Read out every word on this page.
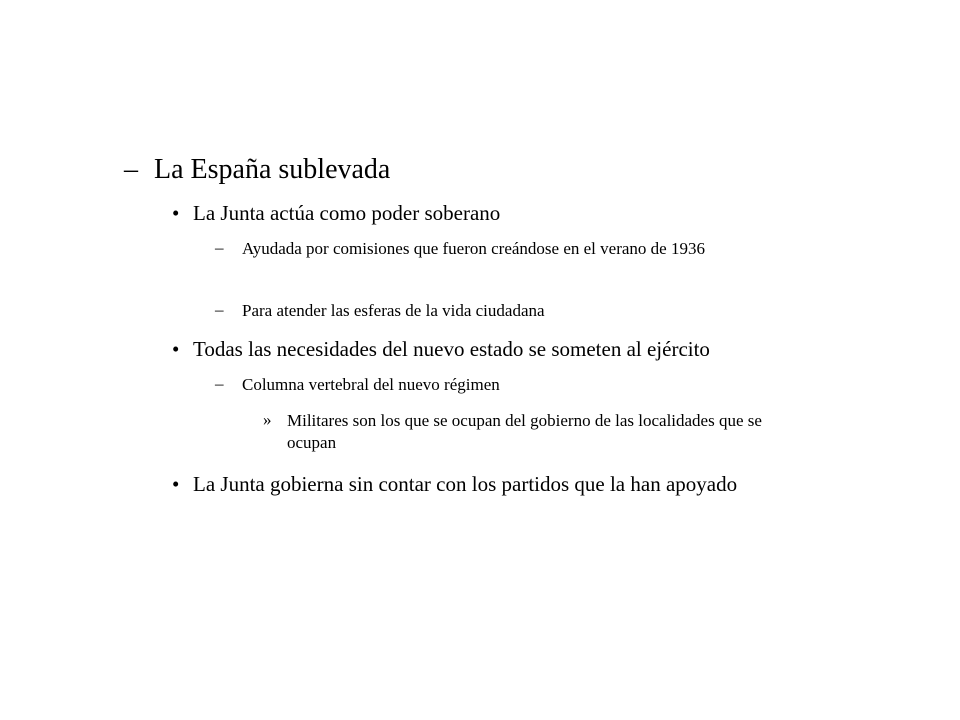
– La España sublevada
• La Junta actúa como poder soberano
–	Ayudada por comisiones que fueron creándose en el verano de 1936
–	Para atender las esferas de la vida ciudadana
• Todas las necesidades del nuevo estado se someten al ejército
–	Columna vertebral del nuevo régimen
» Militares son los que se ocupan del gobierno de las localidades que se ocupan
• La Junta gobierna sin contar con los partidos que la han apoyado
